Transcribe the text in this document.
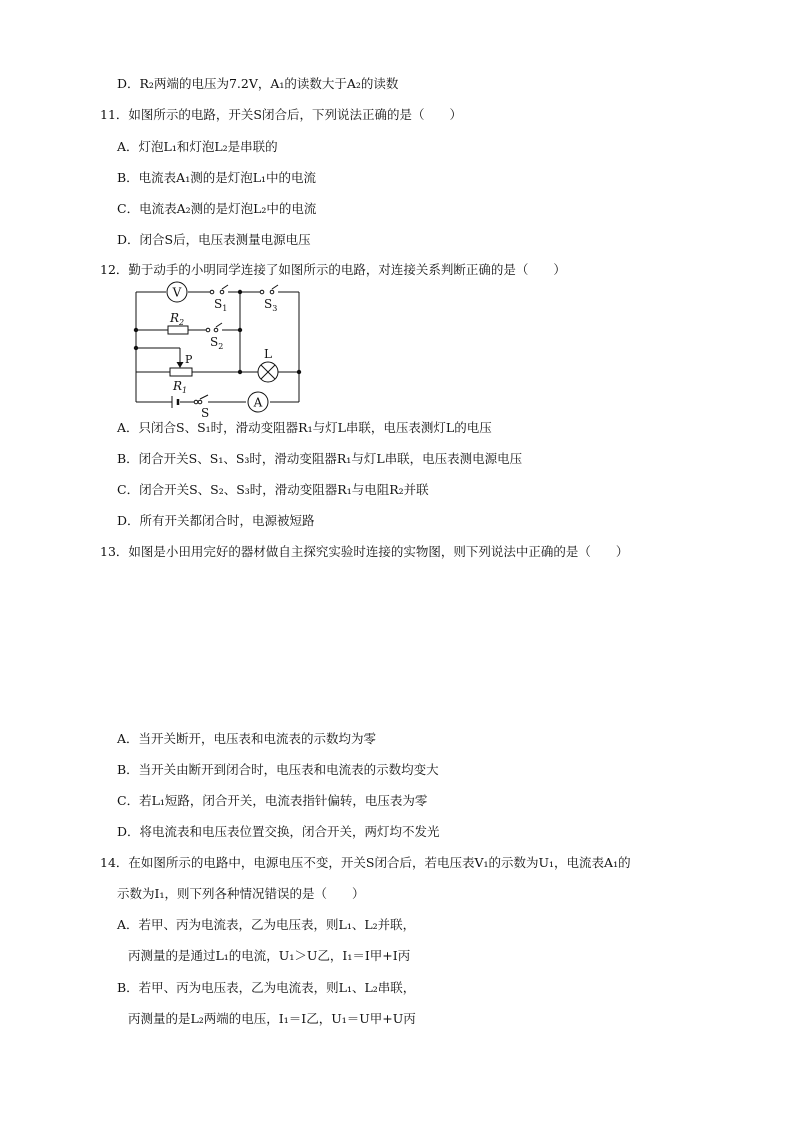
D．R₂两端的电压为7.2V，A₁的读数大于A₂的读数
11．如图所示的电路，开关S闭合后，下列说法正确的是（　　）
A．灯泡L₁和灯泡L₂是串联的
B．电流表A₁测的是灯泡L₁中的电流
C．电流表A₂测的是灯泡L₂中的电流
D．闭合S后，电压表测量电源电压
12．勤于动手的小明同学连接了如图所示的电路，对连接关系判断正确的是（　　）
V
$R_2$
P
$R_1$
L
A
$S_1$	$S_3$
$S_2$
S
A．只闭合S、S₁时，滑动变阻器R₁与灯L串联，电压表测灯L的电压
B．闭合开关S、S₁、S₃时，滑动变阻器R₁与灯L串联，电压表测电源电压
C．闭合开关S、S₂、S₃时，滑动变阻器R₁与电阻R₂并联
D．所有开关都闭合时，电源被短路
13．如图是小田用完好的器材做自主探究实验时连接的实物图，则下列说法中正确的是（　　）
A．当开关断开，电压表和电流表的示数均为零
B．当开关由断开到闭合时，电压表和电流表的示数均变大
C．若L₁短路，闭合开关，电流表指针偏转，电压表为零
D．将电流表和电压表位置交换，闭合开关，两灯均不发光
14．在如图所示的电路中，电源电压不变，开关S闭合后，若电压表V₁的示数为U₁，电流表A₁的
示数为I₁，则下列各种情况错误的是（　　）
A．若甲、丙为电流表，乙为电压表，则L₁、L₂并联，
丙测量的是通过L₁的电流，U₁＞U乙，I₁＝I甲+I丙
B．若甲、丙为电压表，乙为电流表，则L₁、L₂串联，
丙测量的是L₂两端的电压，I₁＝I乙，U₁＝U甲+U丙
